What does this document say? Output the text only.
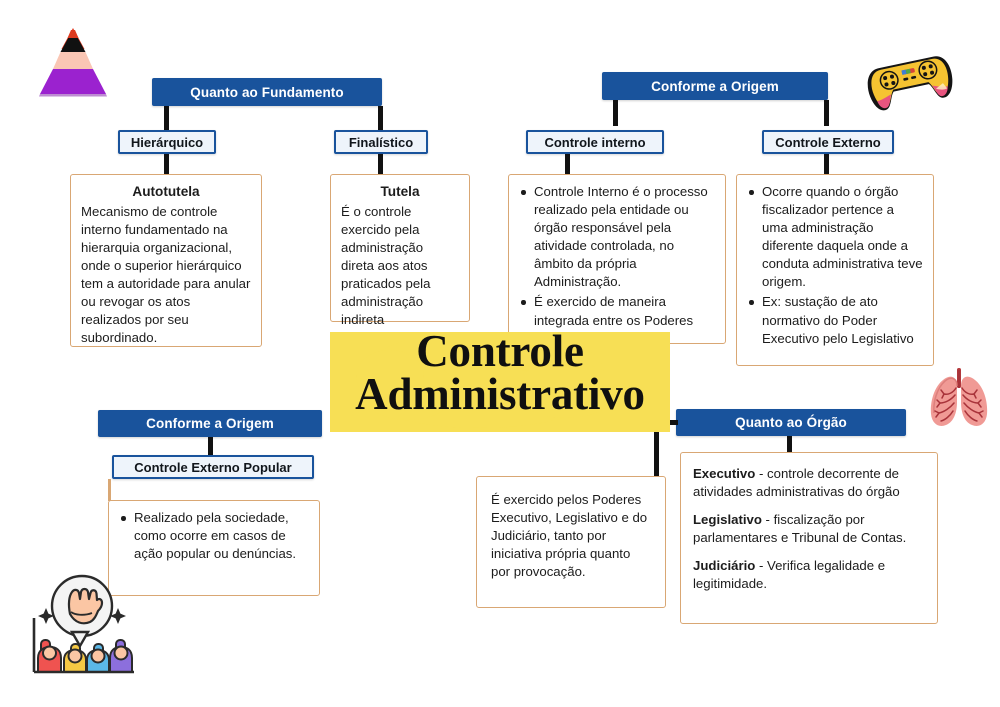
Quanto ao Fundamento
Hierárquico	Finalístico
Autotutela

Mecanismo de controle interno fundamentado na hierarquia organizacional, onde o superior hierárquico tem a autoridade para anular ou revogar os atos realizados por seu subordinado.

Tutela

É o controle exercido pela administração direta aos atos praticados pela administração indireta

Conforme a Origem
Controle interno	Controle Externo
Controle Interno é o processo realizado pela entidade ou órgão responsável pela atividade controlada, no âmbito da própria Administração.
É exercido de maneira integrada entre os Poderes
Ocorre quando o órgão fiscalizador pertence a uma administração diferente daquela onde a conduta administrativa teve origem.
Ex: sustação de ato normativo do Poder Executivo pelo Legislativo
Controle
Administrativo
Conforme a Origem
Controle Externo Popular
Realizado pela sociedade, como ocorre em casos de ação popular ou denúncias.
Quanto ao Órgão

É exercido pelos Poderes Executivo, Legislativo e do Judiciário, tanto por iniciativa própria quanto por provocação.

Executivo - controle decorrente de atividades administrativas do órgão

Legislativo - fiscalização por parlamentares e Tribunal de Contas.

Judiciário - Verifica legalidade e legitimidade.
